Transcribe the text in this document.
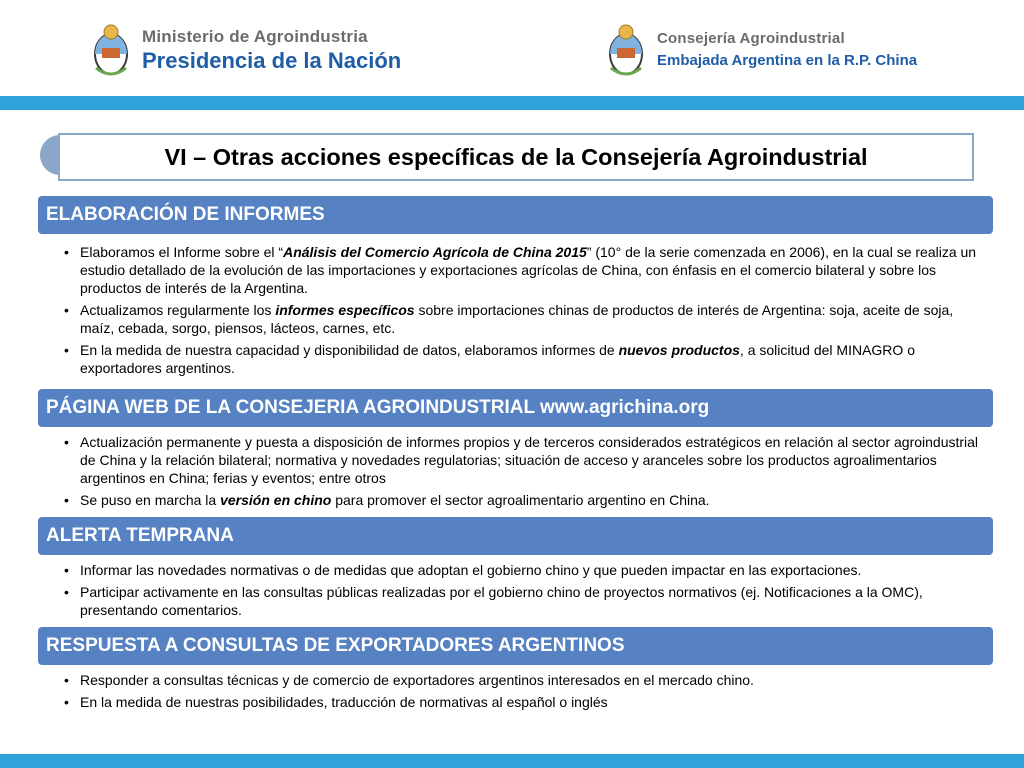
Ministerio de Agroindustria
Presidencia de la Nación
Consejería Agroindustrial
Embajada Argentina en la R.P. China
VI – Otras acciones específicas de la Consejería Agroindustrial
ELABORACIÓN DE INFORMES
• Elaboramos el Informe sobre el “Análisis del Comercio Agrícola de China 2015” (10° de la serie comenzada en 2006), en la cual se realiza un estudio detallado de la evolución de las importaciones y exportaciones agrícolas de China, con énfasis en el comercio bilateral y sobre los productos de interés de la Argentina.
• Actualizamos regularmente los informes específicos sobre importaciones chinas de productos de interés de Argentina: soja, aceite de soja, maíz, cebada, sorgo, piensos, lácteos, carnes, etc.
• En la medida de nuestra capacidad y disponibilidad de datos, elaboramos informes de nuevos productos, a solicitud del MINAGRO o exportadores argentinos.
PÁGINA WEB DE LA CONSEJERIA AGROINDUSTRIAL www.agrichina.org
• Actualización permanente y puesta a disposición de informes propios y de terceros considerados estratégicos en relación al sector agroindustrial de China y la relación bilateral; normativa y novedades regulatorias; situación de acceso y aranceles sobre los productos agroalimentarios argentinos en China; ferias y eventos; entre otros
• Se puso en marcha la versión en chino para promover el sector agroalimentario argentino en China.
ALERTA TEMPRANA
• Informar las novedades normativas o de medidas que adoptan el gobierno chino y que pueden impactar en las exportaciones.
• Participar activamente en las consultas públicas realizadas por el gobierno chino de proyectos normativos (ej. Notificaciones a la OMC), presentando comentarios.
RESPUESTA A CONSULTAS DE EXPORTADORES ARGENTINOS
• Responder a consultas técnicas y de comercio de exportadores argentinos interesados en el mercado chino.
• En la medida de nuestras posibilidades, traducción de normativas al español o inglés
